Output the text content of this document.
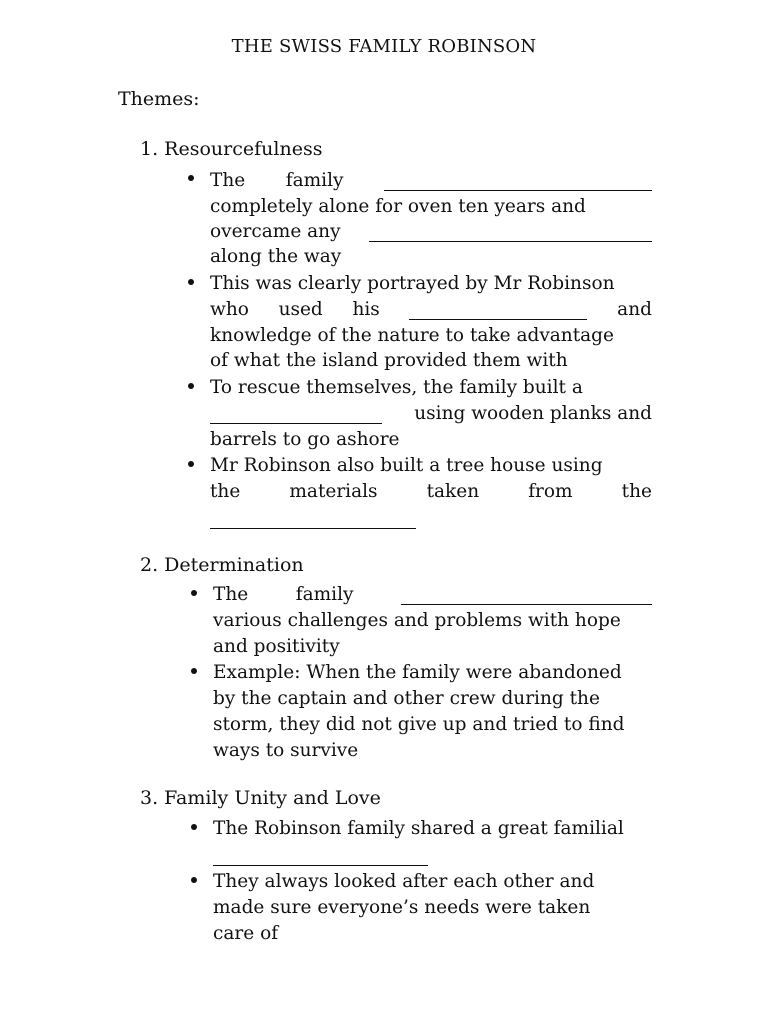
THE SWISS FAMILY ROBINSON
Themes:
1. Resourcefulness
The family
completely alone for oven ten years and
overcame any
along the way
This was clearly portrayed by Mr Robinson
who used his	and
knowledge of the nature to take advantage
of what the island provided them with
To rescue themselves, the family built a
using wooden planks and
barrels to go ashore
Mr Robinson also built a tree house using
the	materials	taken	from	the
2. Determination
The	family
various challenges and problems with hope
and positivity
Example: When the family were abandoned
by the captain and other crew during the
storm, they did not give up and tried to find
ways to survive
3. Family Unity and Love
The Robinson family shared a great familial
They always looked after each other and
made sure everyone’s needs were taken
care of
